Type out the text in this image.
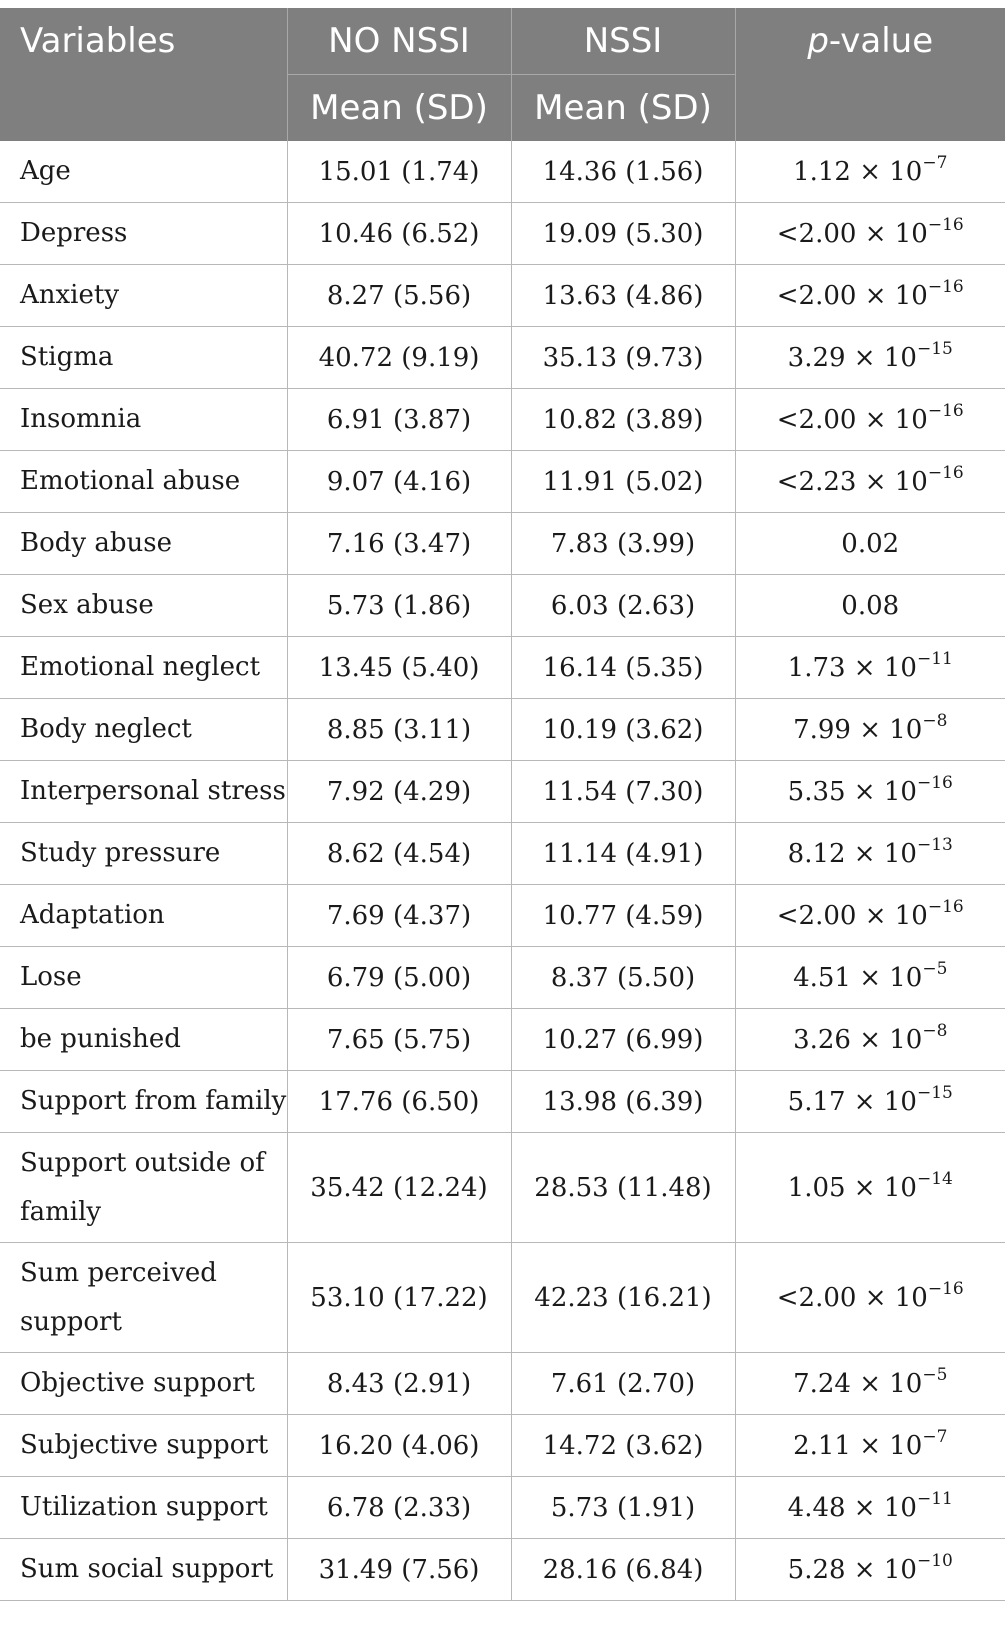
Variables	NO NSSI	NSSI	p-value
	Mean (SD)	Mean (SD)	
Age	15.01 (1.74)	14.36 (1.56)	$1.12 \times 10^{-7}$
Depress	10.46 (6.52)	19.09 (5.30)	$<2.00 \times 10^{-16}$
Anxiety	8.27 (5.56)	13.63 (4.86)	$<2.00 \times 10^{-16}$
Stigma	40.72 (9.19)	35.13 (9.73)	$3.29 \times 10^{-15}$
Insomnia	6.91 (3.87)	10.82 (3.89)	$<2.00 \times 10^{-16}$
Emotional abuse	9.07 (4.16)	11.91 (5.02)	$<2.23 \times 10^{-16}$
Body abuse	7.16 (3.47)	7.83 (3.99)	0.02
Sex abuse	5.73 (1.86)	6.03 (2.63)	0.08
Emotional neglect	13.45 (5.40)	16.14 (5.35)	$1.73 \times 10^{-11}$
Body neglect	8.85 (3.11)	10.19 (3.62)	$7.99 \times 10^{-8}$
Interpersonal stress	7.92 (4.29)	11.54 (7.30)	$5.35 \times 10^{-16}$
Study pressure	8.62 (4.54)	11.14 (4.91)	$8.12 \times 10^{-13}$
Adaptation	7.69 (4.37)	10.77 (4.59)	$<2.00 \times 10^{-16}$
Lose	6.79 (5.00)	8.37 (5.50)	$4.51 \times 10^{-5}$
be punished	7.65 (5.75)	10.27 (6.99)	$3.26 \times 10^{-8}$
Support from family	17.76 (6.50)	13.98 (6.39)	$5.17 \times 10^{-15}$
Support outside of family	35.42 (12.24)	28.53 (11.48)	$1.05 \times 10^{-14}$
Sum perceived support	53.10 (17.22)	42.23 (16.21)	$<2.00 \times 10^{-16}$
Objective support	8.43 (2.91)	7.61 (2.70)	$7.24 \times 10^{-5}$
Subjective support	16.20 (4.06)	14.72 (3.62)	$2.11 \times 10^{-7}$
Utilization support	6.78 (2.33)	5.73 (1.91)	$4.48 \times 10^{-11}$
Sum social support	31.49 (7.56)	28.16 (6.84)	$5.28 \times 10^{-10}$
